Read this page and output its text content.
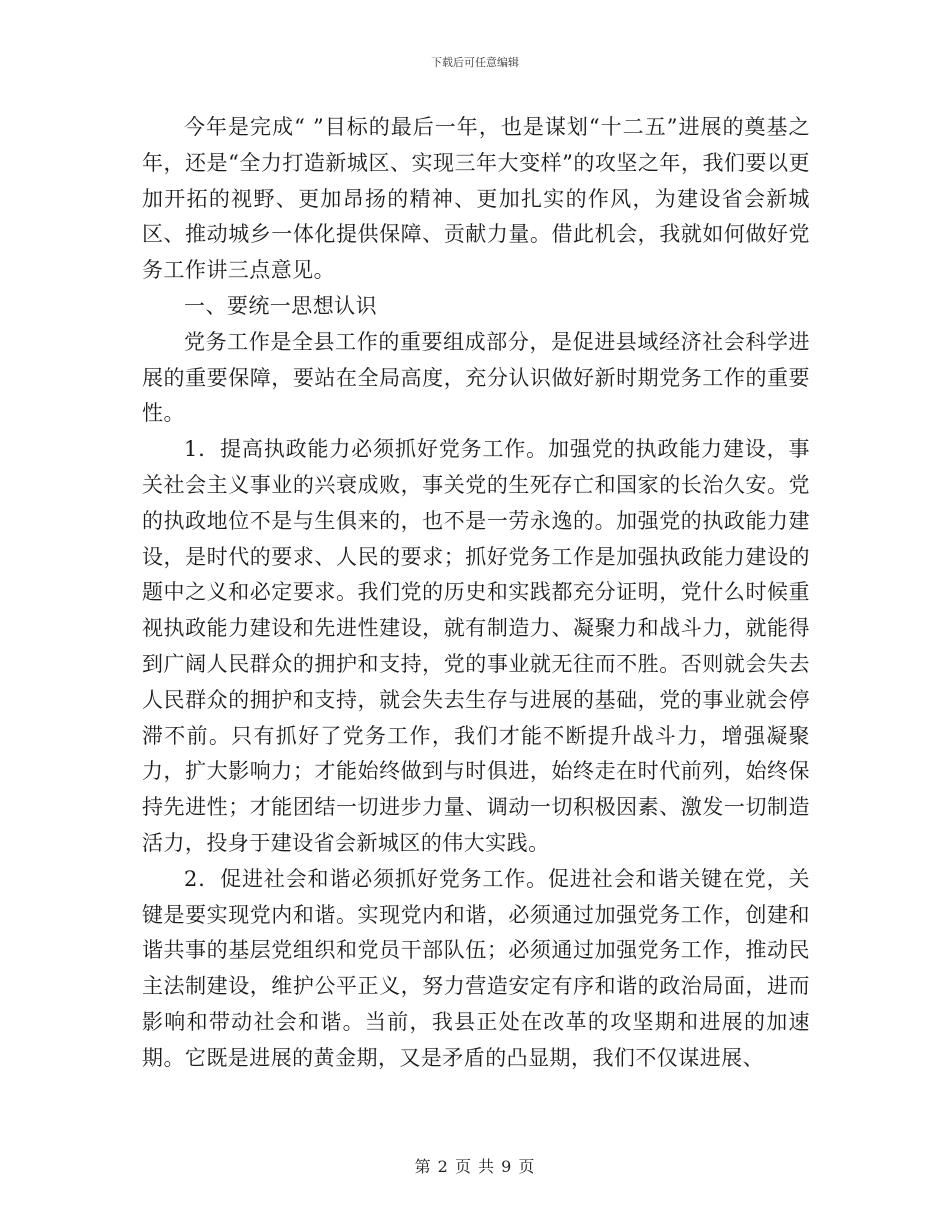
下载后可任意编辑

今年是完成“ ”目标的最后一年，也是谋划“十二五”进展的奠基之年，还是“全力打造新城区、实现三年大变样”的攻坚之年，我们要以更加开拓的视野、更加昂扬的精神、更加扎实的作风，为建设省会新城区、推动城乡一体化提供保障、贡献力量。借此机会，我就如何做好党务工作讲三点意见。

一、要统一思想认识

党务工作是全县工作的重要组成部分，是促进县域经济社会科学进展的重要保障，要站在全局高度，充分认识做好新时期党务工作的重要性。

1．提高执政能力必须抓好党务工作。加强党的执政能力建设，事关社会主义事业的兴衰成败，事关党的生死存亡和国家的长治久安。党的执政地位不是与生俱来的，也不是一劳永逸的。加强党的执政能力建设，是时代的要求、人民的要求；抓好党务工作是加强执政能力建设的题中之义和必定要求。我们党的历史和实践都充分证明，党什么时候重视执政能力建设和先进性建设，就有制造力、凝聚力和战斗力，就能得到广阔人民群众的拥护和支持，党的事业就无往而不胜。否则就会失去人民群众的拥护和支持，就会失去生存与进展的基础，党的事业就会停滞不前。只有抓好了党务工作，我们才能不断提升战斗力，增强凝聚力，扩大影响力；才能始终做到与时俱进，始终走在时代前列，始终保持先进性；才能团结一切进步力量、调动一切积极因素、激发一切制造活力，投身于建设省会新城区的伟大实践。

2．促进社会和谐必须抓好党务工作。促进社会和谐关键在党，关键是要实现党内和谐。实现党内和谐，必须通过加强党务工作，创建和谐共事的基层党组织和党员干部队伍；必须通过加强党务工作，推动民主法制建设，维护公平正义，努力营造安定有序和谐的政治局面，进而影响和带动社会和谐。当前，我县正处在改革的攻坚期和进展的加速期。它既是进展的黄金期，又是矛盾的凸显期，我们不仅谋进展、

第 2 页 共 9 页
